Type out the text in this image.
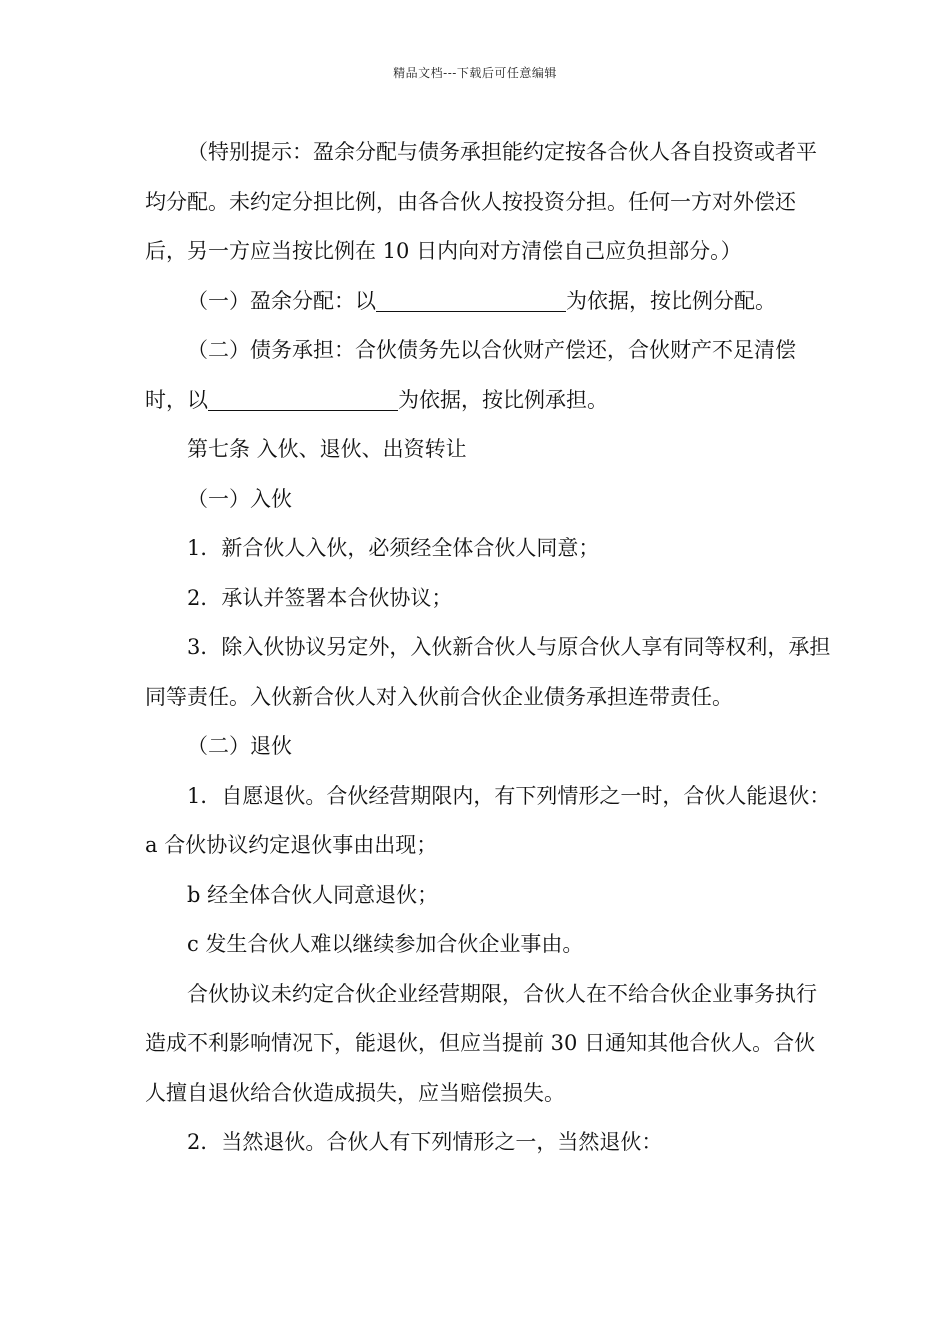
精品文档---下载后可任意编辑

（特别提示：盈余分配与债务承担能约定按各合伙人各自投资或者平均分配。未约定分担比例，由各合伙人按投资分担。任何一方对外偿还后，另一方应当按比例在 10 日内向对方清偿自己应负担部分。）

（一）盈余分配：以	为依据，按比例分配。

（二）债务承担：合伙债务先以合伙财产偿还，合伙财产不足清偿时，以	为依据，按比例承担。

第七条 入伙、退伙、出资转让

（一）入伙

1．新合伙人入伙，必须经全体合伙人同意；

2．承认并签署本合伙协议；

3．除入伙协议另定外，入伙新合伙人与原合伙人享有同等权利，承担同等责任。入伙新合伙人对入伙前合伙企业债务承担连带责任。

（二）退伙

1．自愿退伙。合伙经营期限内，有下列情形之一时，合伙人能退伙：a 合伙协议约定退伙事由出现；

b 经全体合伙人同意退伙；

c 发生合伙人难以继续参加合伙企业事由。

合伙协议未约定合伙企业经营期限，合伙人在不给合伙企业事务执行造成不利影响情况下，能退伙，但应当提前 30 日通知其他合伙人。合伙人擅自退伙给合伙造成损失，应当赔偿损失。

2．当然退伙。合伙人有下列情形之一，当然退伙：
